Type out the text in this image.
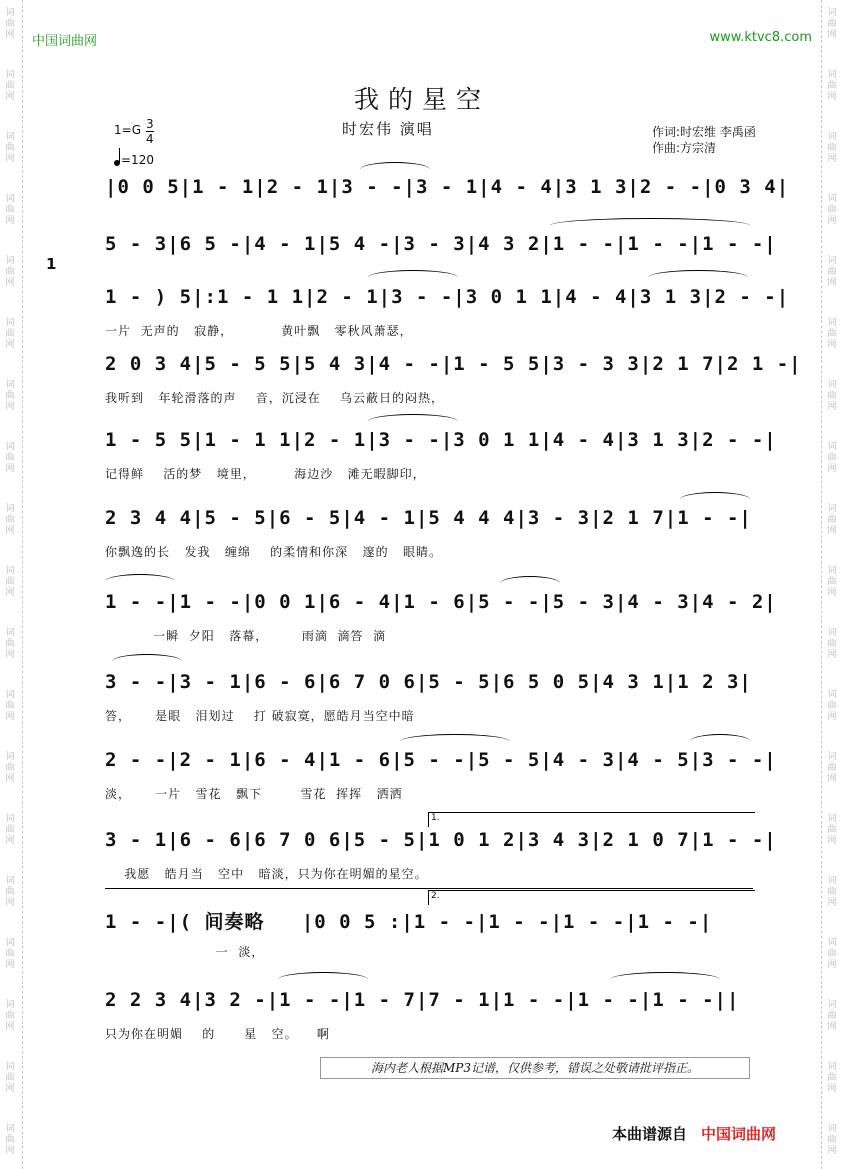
词
曲
网
词
曲
网
词
曲
网
词
曲
网
词
曲
网
词
曲
网
词
曲
网
词
曲
网
词
曲
网
词
曲
网
词
曲
网
词
曲
网
词
曲
网
词
曲
网
词
曲
网
词
曲
网
词
曲
网
词
曲
网
词
曲
网
词
曲
网
词
曲
网
词
曲
网
词
曲
网
词
曲
网
词
曲
网
词
曲
网
词
曲
网
词
曲
网
词
曲
网
词
曲
网
词
曲
网
词
曲
网
词
曲
网
词
曲
网
词
曲
网
词
曲
网
词
曲
网
词
曲
网
中国词曲网	www.ktvc8.com
我的星空
时宏伟 演唱
1=G 3
4
=120
作词:时宏维 李禹函
作曲:方宗清
1
|0 0 5|1 - 1|2 - 1|3 - -|3 - 1|4 - 4|3 1 3|2 - -|0 3 4|
5 - 3|6 5 -|4 - 1|5 4 -|3 - 3|4 3 2|1 - -|1 - -|1 - -|
1 - ) 5|:1 - 1 1|2 - 1|3 - -|3 0 1 1|4 - 4|3 1 3|2 - -|
一片  无声的   寂静，          黄叶飘   零秋风萧瑟，
2 0 3 4|5 - 5 5|5 4 3|4 - -|1 - 5 5|3 - 3 3|2 1 7|2 1 -|
我听到   年轮滑落的声    音，沉浸在    乌云蔽日的闷热，
1 - 5 5|1 - 1 1|2 - 1|3 - -|3 0 1 1|4 - 4|3 1 3|2 - -|
记得鲜    活的梦   境里，        海边沙   滩无暇脚印，
2 3 4 4|5 - 5|6 - 5|4 - 1|5 4 4 4|3 - 3|2 1 7|1 - -|
你飘逸的长   发我   缠绵    的柔情和你深   邃的   眼睛。
1 - -|1 - -|0 0 1|6 - 4|1 - 6|5 - -|5 - 3|4 - 3|4 - 2|
一瞬  夕阳   落幕，       雨滴  滴答  滴
3 - -|3 - 1|6 - 6|6 7 0 6|5 - 5|6 5 0 5|4 3 1|1 2 3|
答，     是眼   泪划过    打 破寂寞，愿皓月当空中暗
2 - -|2 - 1|6 - 4|1 - 6|5 - -|5 - 5|4 - 3|4 - 5|3 - -|
淡，     一片   雪花   飘下        雪花  挥挥   洒洒
3 - 1|6 - 6|6 7 0 6|5 - 5|1 0 1 2|3 4 3|2 1 0 7|1 - -|
我愿   皓月当   空中   暗淡，只为你在明媚的星空。
1 - -|( 间奏略   |0 0 5 :|1 - -|1 - -|1 - -|1 - -|
一  淡，
2 2 3 4|3 2 -|1 - -|1 - 7|7 - 1|1 - -|1 - -|1 - -||
只为你在明媚    的      星   空。    啊
1.
2.
海内老人根据MP3记谱，仅供参考，错误之处敬请批评指正。
本曲谱源自 中国词曲网
